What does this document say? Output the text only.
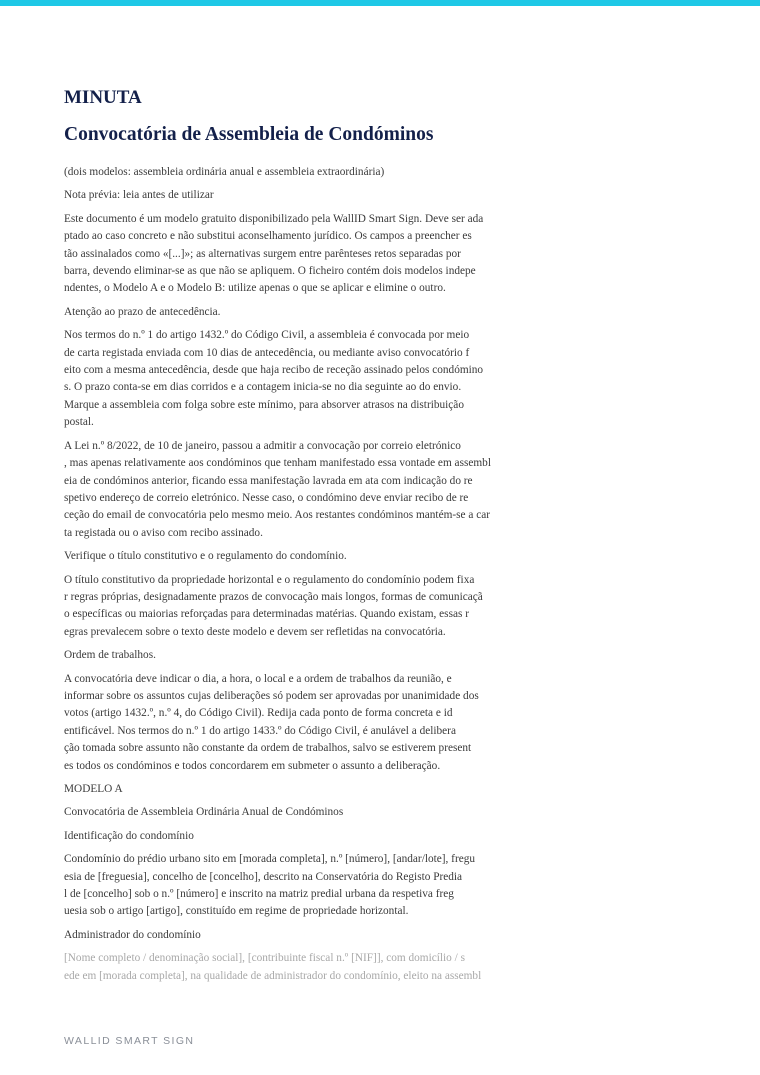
MINUTA
Convocatória de Assembleia de Condóminos

(dois modelos: assembleia ordinária anual e assembleia extraordinária)

Nota prévia: leia antes de utilizar

Este documento é um modelo gratuito disponibilizado pela WallID Smart Sign. Deve ser ada
ptado ao caso concreto e não substitui aconselhamento jurídico. Os campos a preencher es
tão assinalados como «[...]»; as alternativas surgem entre parênteses retos separadas por
barra, devendo eliminar-se as que não se apliquem. O ficheiro contém dois modelos indepe
ndentes, o Modelo A e o Modelo B: utilize apenas o que se aplicar e elimine o outro.

Atenção ao prazo de antecedência.

Nos termos do n.º 1 do artigo 1432.º do Código Civil, a assembleia é convocada por meio
de carta registada enviada com 10 dias de antecedência, ou mediante aviso convocatório f
eito com a mesma antecedência, desde que haja recibo de receção assinado pelos condómino
s. O prazo conta-se em dias corridos e a contagem inicia-se no dia seguinte ao do envio.
Marque a assembleia com folga sobre este mínimo, para absorver atrasos na distribuição
postal.

A Lei n.º 8/2022, de 10 de janeiro, passou a admitir a convocação por correio eletrónico
, mas apenas relativamente aos condóminos que tenham manifestado essa vontade em assembl
eia de condóminos anterior, ficando essa manifestação lavrada em ata com indicação do re
spetivo endereço de correio eletrónico. Nesse caso, o condómino deve enviar recibo de re
ceção do email de convocatória pelo mesmo meio. Aos restantes condóminos mantém-se a car
ta registada ou o aviso com recibo assinado.

Verifique o título constitutivo e o regulamento do condomínio.

O título constitutivo da propriedade horizontal e o regulamento do condomínio podem fixa
r regras próprias, designadamente prazos de convocação mais longos, formas de comunicaçã
o específicas ou maiorias reforçadas para determinadas matérias. Quando existam, essas r
egras prevalecem sobre o texto deste modelo e devem ser refletidas na convocatória.

Ordem de trabalhos.

A convocatória deve indicar o dia, a hora, o local e a ordem de trabalhos da reunião, e
informar sobre os assuntos cujas deliberações só podem ser aprovadas por unanimidade dos
votos (artigo 1432.º, n.º 4, do Código Civil). Redija cada ponto de forma concreta e id
entificável. Nos termos do n.º 1 do artigo 1433.º do Código Civil, é anulável a delibera
ção tomada sobre assunto não constante da ordem de trabalhos, salvo se estiverem present
es todos os condóminos e todos concordarem em submeter o assunto a deliberação.

MODELO A

Convocatória de Assembleia Ordinária Anual de Condóminos

Identificação do condomínio

Condomínio do prédio urbano sito em [morada completa], n.º [número], [andar/lote], fregu
esia de [freguesia], concelho de [concelho], descrito na Conservatória do Registo Predia
l de [concelho] sob o n.º [número] e inscrito na matriz predial urbana da respetiva freg
uesia sob o artigo [artigo], constituído em regime de propriedade horizontal.

Administrador do condomínio

[Nome completo / denominação social], [contribuinte fiscal n.º [NIF]], com domicílio / s
ede em [morada completa], na qualidade de administrador do condomínio, eleito na assembl

WALLID SMART SIGN
